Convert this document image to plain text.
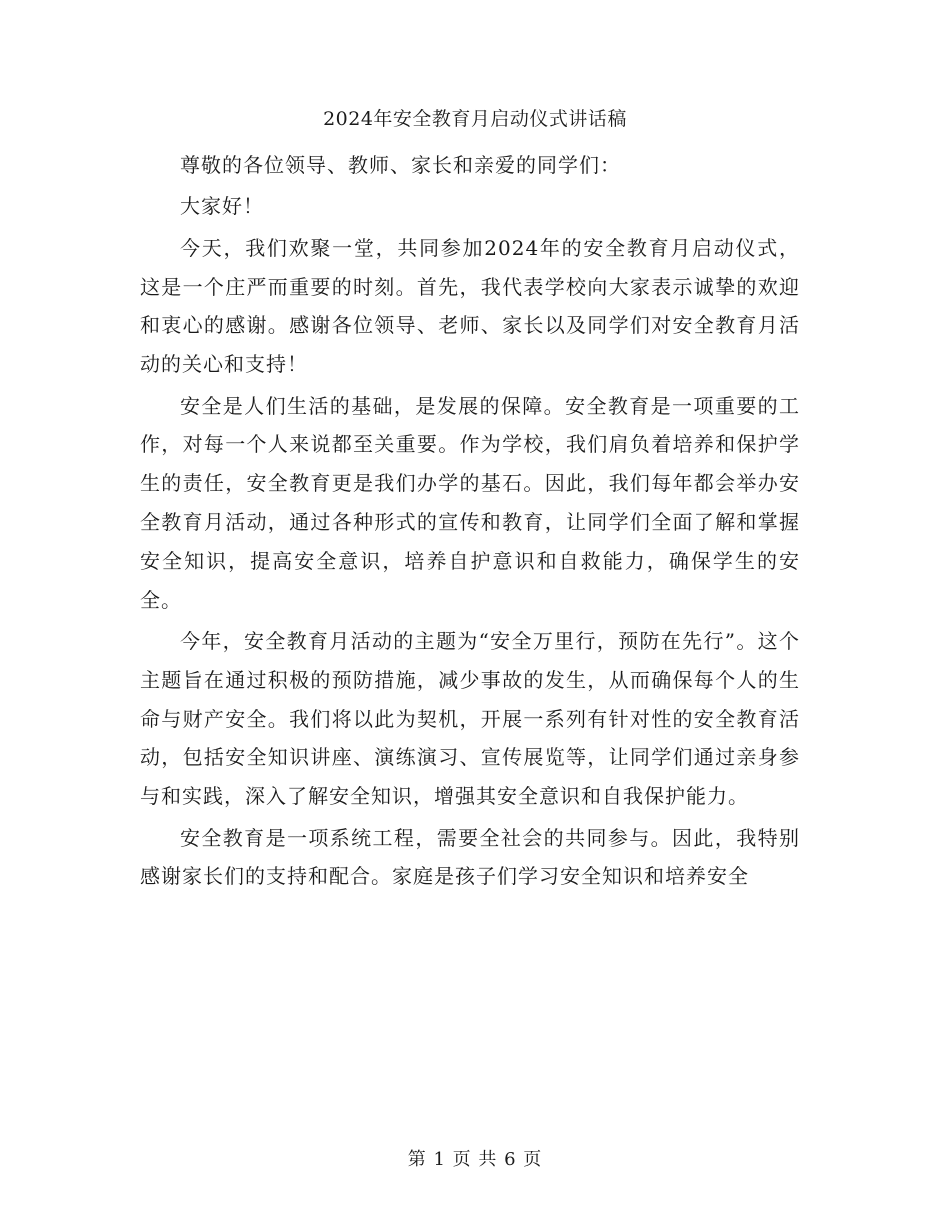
2024年安全教育月启动仪式讲话稿

尊敬的各位领导、教师、家长和亲爱的同学们：

大家好！

今天，我们欢聚一堂，共同参加2024年的安全教育月启动仪式，这是一个庄严而重要的时刻。首先，我代表学校向大家表示诚挚的欢迎和衷心的感谢。感谢各位领导、老师、家长以及同学们对安全教育月活动的关心和支持！

安全是人们生活的基础，是发展的保障。安全教育是一项重要的工作，对每一个人来说都至关重要。作为学校，我们肩负着培养和保护学生的责任，安全教育更是我们办学的基石。因此，我们每年都会举办安全教育月活动，通过各种形式的宣传和教育，让同学们全面了解和掌握安全知识，提高安全意识，培养自护意识和自救能力，确保学生的安全。

今年，安全教育月活动的主题为“安全万里行，预防在先行”。这个主题旨在通过积极的预防措施，减少事故的发生，从而确保每个人的生命与财产安全。我们将以此为契机，开展一系列有针对性的安全教育活动，包括安全知识讲座、演练演习、宣传展览等，让同学们通过亲身参与和实践，深入了解安全知识，增强其安全意识和自我保护能力。

安全教育是一项系统工程，需要全社会的共同参与。因此，我特别感谢家长们的支持和配合。家庭是孩子们学习安全知识和培养安全

第 1 页 共 6 页
